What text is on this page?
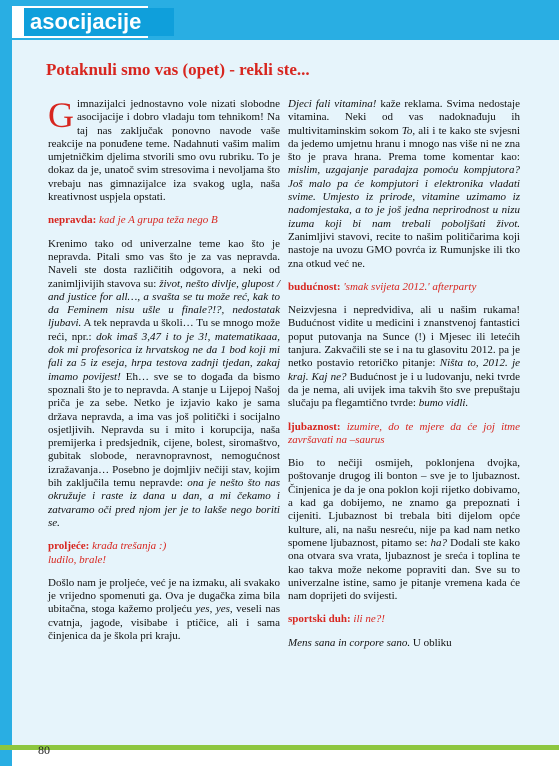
asocijacije
Potaknuli smo vas (opet) - rekli ste...

Gimnazijalci jednostavno vole nizati slobodne asocijacije i dobro vladaju tom tehnikom! Na taj nas zaključak ponovno navode vaše reakcije na ponuđene teme. Nadahnuti vašim malim umjetničkim djelima stvorili smo ovu rubriku. To je dokaz da je, unatoč svim stresovima i nevoljama što vrebaju nas gimnazijalce iza svakog ugla, naša kreativnost uspjela opstati.

nepravda: kad je A grupa teža nego B

Krenimo tako od univerzalne teme kao što je nepravda. Pitali smo vas što je za vas nepravda. Naveli ste dosta različitih odgovora, a neki od zanimljivijih stavova su: život, nešto divlje, glupost / and justice for all…, a svašta se tu može reć, kak to da Feminem nisu ušle u finale?!?, nedostatak ljubavi. A tek nepravda u školi… Tu se mnogo može reći, npr.: dok imaš 3,47 i to je 3!, matematikaaa, dok mi profesorica iz hrvatskog ne da 1 bod koji mi fali za 5 iz eseja, hrpa testova zadnji tjedan, zakaj imamo povijest! Eh… sve se to događa da bismo spoznali što je to nepravda. A stanje u Lijepoj Našoj priča je za sebe. Netko je izjavio kako je sama država nepravda, a ima vas još politički i socijalno osjetljivih. Nepravda su i mito i korupcija, naša premijerka i predsjednik, cijene, bolest, siromaštvo, gubitak slobode, neravnopravnost, nemogućnost izražavanja… Posebno je dojmljiv nečiji stav, kojim bih zaključila temu nepravde: ona je nešto što nas okružuje i raste iz dana u dan, a mi čekamo i zatvaramo oči pred njom jer je to lakše nego boriti se.

proljeće: krađa trešanja :)
ludilo, brale!

Došlo nam je proljeće, već je na izmaku, ali svakako je vrijedno spomenuti ga. Ova je dugačka zima bila ubitačna, stoga kažemo proljeću yes, yes, veseli nas cvatnja, jagode, visibabe i ptičice, ali i sama činjenica da je škola pri kraju.

Djeci fali vitamina! kaže reklama. Svima nedostaje vitamina. Neki od vas nadoknađuju ih multivitaminskim sokom To, ali i te kako ste svjesni da jedemo umjetnu hranu i mnogo nas više ni ne zna što je prava hrana. Prema tome komentar kao: mislim, uzgajanje paradajza pomoću kompjutora? Još malo pa će kompjutori i elektronika vladati svime. Umjesto iz prirode, vitamine uzimamo iz nadomjestaka, a to je još jedna neprirodnost u nizu izuma koji bi nam trebali poboljšati život. Zanimljivi stavovi, recite to našim političarima koji nastoje na uvozu GMO povrća iz Rumunjske ili tko zna otkud već ne.

budućnost: 'smak svijeta 2012.' afterparty

Neizvjesna i nepredvidiva, ali u našim rukama! Budućnost vidite u medicini i znanstvenoj fantastici poput putovanja na Sunce (!) i Mjesec ili letećih tanjura. Zakvačili ste se i na tu glasovitu 2012. pa je netko postavio retoričko pitanje: Ništa to, 2012. je kraj. Kaj ne? Budućnost je i u ludovanju, neki tvrde da je nema, ali uvijek ima takvih što sve prepuštaju slučaju pa flegamtično tvrde: bumo vidli.

ljubaznost: izumire, do te mjere da će joj itme završavati na –saurus

Bio to nečiji osmijeh, poklonjena dvojka, poštovanje drugog ili bonton – sve je to ljubaznost. Činjenica je da je ona poklon koji rijetko dobivamo, a kad ga dobijemo, ne znamo ga prepoznati i cijeniti. Ljubaznost bi trebala biti dijelom opće kulture, ali, na našu nesreću, nije pa kad nam netko spomene ljubaznost, pitamo se: ha? Dodali ste kako ona otvara sva vrata, ljubaznost je sreća i toplina te kao takva može nekome popraviti dan. Sve su to univerzalne istine, samo je pitanje vremena kada će nam doprijeti do svijesti.

sportski duh: ili ne?!

Mens sana in corpore sano. U obliku

80
